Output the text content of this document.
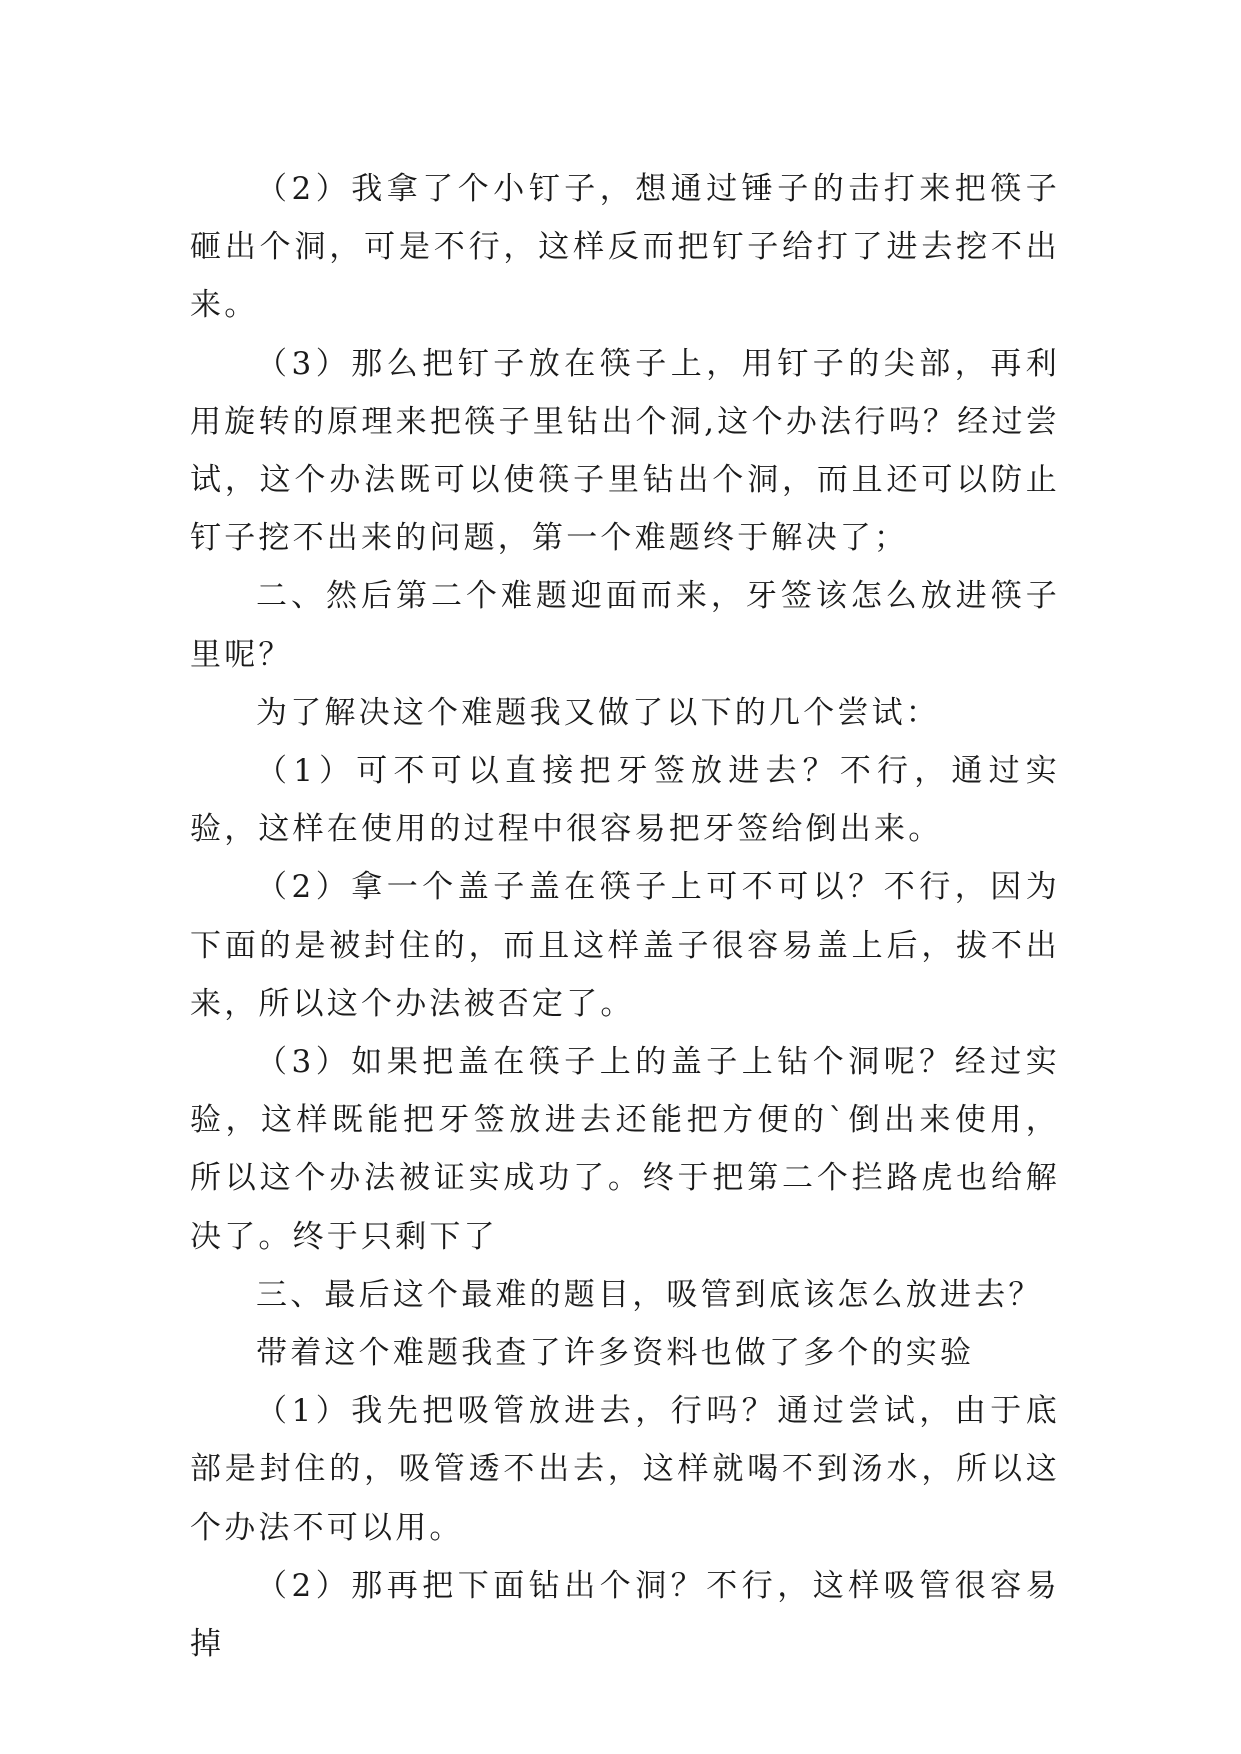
（2）我拿了个小钉子，想通过锤子的击打来把筷子砸出个洞，可是不行，这样反而把钉子给打了进去挖不出来。

（3）那么把钉子放在筷子上，用钉子的尖部，再利用旋转的原理来把筷子里钻出个洞,这个办法行吗？经过尝试，这个办法既可以使筷子里钻出个洞，而且还可以防止钉子挖不出来的问题，第一个难题终于解决了；

二、然后第二个难题迎面而来，牙签该怎么放进筷子里呢？

为了解决这个难题我又做了以下的几个尝试：

（1）可不可以直接把牙签放进去？不行，通过实验，这样在使用的过程中很容易把牙签给倒出来。

（2）拿一个盖子盖在筷子上可不可以？不行，因为下面的是被封住的，而且这样盖子很容易盖上后，拔不出来，所以这个办法被否定了。

（3）如果把盖在筷子上的盖子上钻个洞呢？经过实验，这样既能把牙签放进去还能把方便的`倒出来使用，所以这个办法被证实成功了。终于把第二个拦路虎也给解决了。终于只剩下了

三、最后这个最难的题目，吸管到底该怎么放进去？

带着这个难题我查了许多资料也做了多个的实验

（1）我先把吸管放进去，行吗？通过尝试，由于底部是封住的，吸管透不出去，这样就喝不到汤水，所以这个办法不可以用。

（2）那再把下面钻出个洞？不行，这样吸管很容易掉
